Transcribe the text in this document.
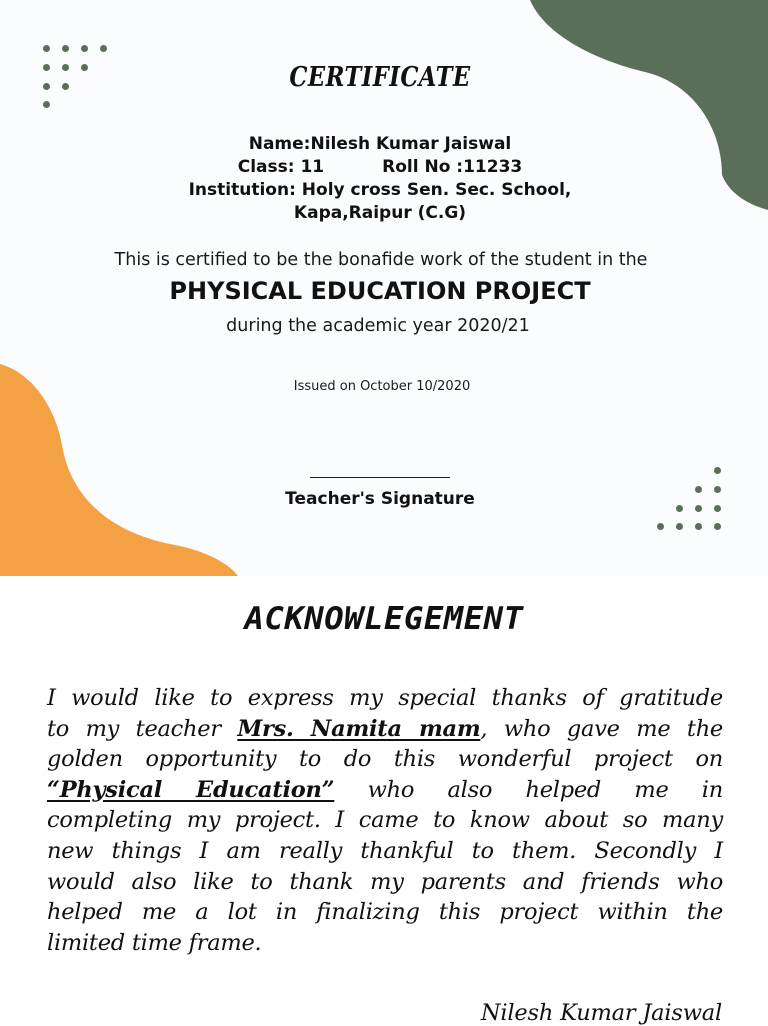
CERTIFICATE

Name:Nilesh Kumar Jaiswal

Class: 11	Roll No :11233

Institution: Holy cross Sen. Sec. School,

Kapa,Raipur (C.G)

This is certified to be the bonafide work of the student in the

PHYSICAL EDUCATION PROJECT

during the academic year 2020/21

Issued on October 10/2020

Teacher's Signature

ACKNOWLEGEMENT
I would like to express my special thanks of gratitude
to my teacher Mrs. Namita mam, who gave me the
golden opportunity to do this wonderful project on
“Physical Education” who also helped me in
completing my project. I came to know about so many
new things I am really thankful to them. Secondly I
would also like to thank my parents and friends who
helped me a lot in finalizing this project within the
limited time frame.

Nilesh Kumar Jaiswal
